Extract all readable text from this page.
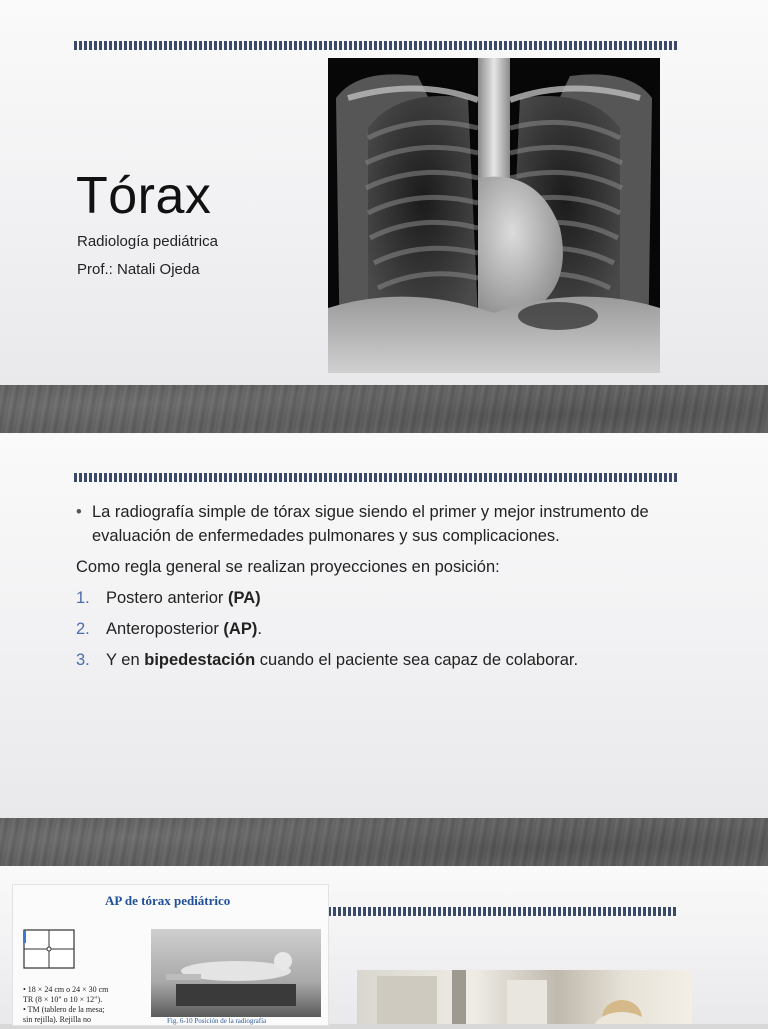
Tórax
Radiología pediátrica
Prof.: Natali Ojeda
• La radiografía simple de tórax sigue siendo el primer y mejor instrumento de evaluación de enfermedades pulmonares y sus complicaciones.
Como regla general se realizan proyecciones en posición:
1. Postero anterior (PA)
2. Anteroposterior (AP).
3. Y en bipedestación cuando el paciente sea capaz de colaborar.
AP de tórax pediátrico
• 18 × 24 cm o 24 × 30 cm
TR (8 × 10" o 10 × 12").
• TM (tablero de la mesa;
sin rejilla). Rejilla no	Fig. 6-10 Posición de la radiografía
